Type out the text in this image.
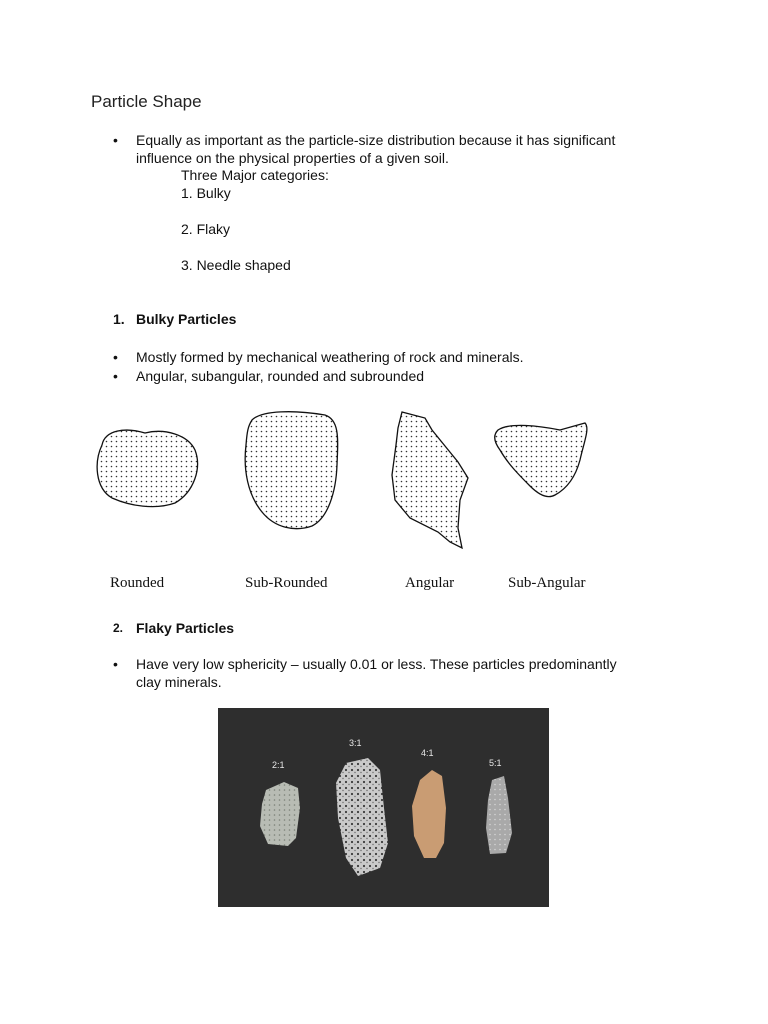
Particle Shape
•	Equally as important as the particle-size distribution because it has significant
influence on the physical properties of a given soil.
Three Major categories:
1. Bulky
2. Flaky
3. Needle shaped
1. Bulky Particles
•	Mostly formed by mechanical weathering of rock and minerals.
•	Angular, subangular, rounded and subrounded
Rounded	Sub-Rounded	Angular	Sub-Angular
2. Flaky Particles
•	Have very low sphericity – usually 0.01 or less. These particles predominantly
clay minerals.
2:1
3:1
4:1
5:1
